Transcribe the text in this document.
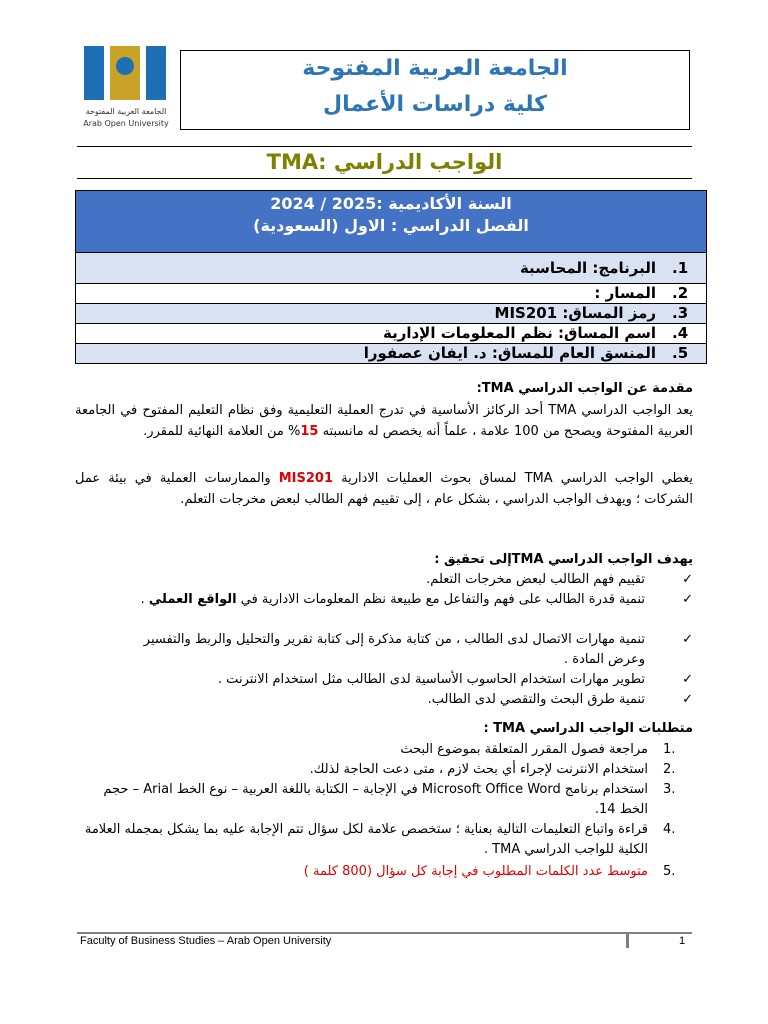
الجامعة العربية المفتوحة
Arab Open University
الجامعة العربية المفتوحة
كلية دراسات الأعمال
الواجب الدراسي :TMA
السنة الأكاديمية :2025 / 2024
الفصل الدراسي : الاول (السعودية)
1.
البرنامج: المحاسبة
2.
المسار :
3.
رمز المساق: MIS201
4.
اسم المساق: نظم المعلومات الإدارية
5.
المنسق العام للمساق: د. ايفان عصفورا
مقدمة عن الواجب الدراسي TMA:
يعد الواجب الدراسي TMA أحد الركائز الأساسية في تدرج العملية التعليمية وفق نظام التعليم المفتوح في الجامعة العربية المفتوحة ويصحح من 100 علامة ، علماً أنه يخصص له مانسبته 15% من العلامة النهائية للمقرر.
يغطي الواجب الدراسي TMA لمساق بحوث العمليات الادارية MIS201 والممارسات العملية في بيئة عمل الشركات ؛ ويهدف الواجب الدراسي ، بشكل عام ، إلى تقييم فهم الطالب لبعض مخرجات التعلم.
يهدف الواجب الدراسي TMAإلى تحقيق :
✓
تقييم فهم الطالب لبعض مخرجات التعلم.
✓
تنمية قدرة الطالب على فهم والتفاعل مع طبيعة نظم المعلومات الادارية في الواقع العملي .
✓
تنمية مهارات الاتصال لدى الطالب ، من كتابة مذكرة إلى كتابة تقرير والتحليل والربط والتفسير وعرض المادة .
✓
تطوير مهارات استخدام الحاسوب الأساسية لدى الطالب مثل استخدام الانترنت .
✓
تنمية طرق البحث والتقصي لدى الطالب.
متطلبات الواجب الدراسي TMA :
.1
مراجعة فصول المقرر المتعلقة بموضوع البحث
.2
استخدام الانترنت لإجراء أي بحث لازم ، متى دعت الحاجة لذلك.
.3
استخدام برنامج Microsoft Office Word في الإجابة – الكتابة باللغة العربية – نوع الخط Arial – حجم الخط 14.
.4
قراءة واتباع التعليمات التالية بعناية ؛ ستخصص علامة لكل سؤال تتم الإجابة عليه بما يشكل بمجمله العلامة الكلية للواجب الدراسي TMA .
.5
متوسط عدد الكلمات المطلوب في إجابة كل سؤال (800 كلمة )
Faculty of Business Studies – Arab Open University	1
